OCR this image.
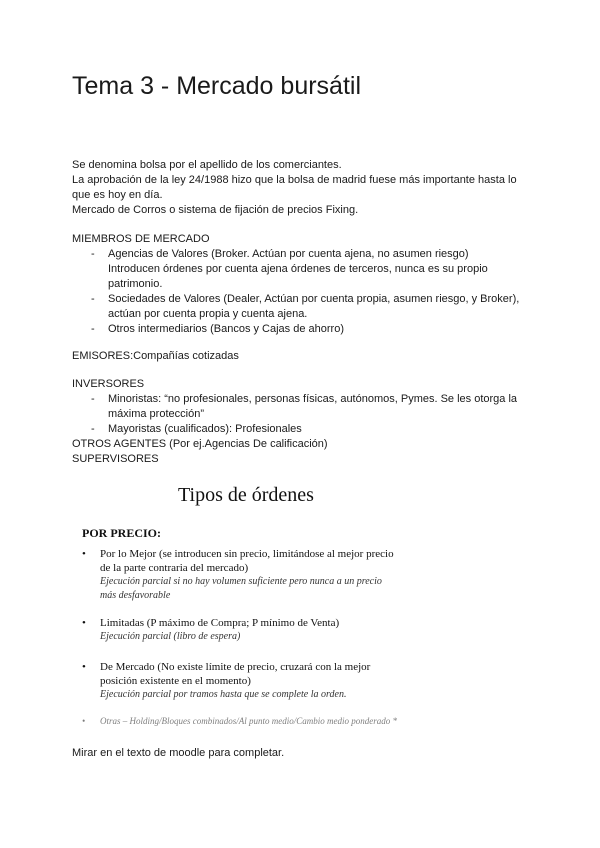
Tema 3 - Mercado bursátil

Se denomina bolsa por el apellido de los comerciantes.

La aprobación de la ley 24/1988 hizo que la bolsa de madrid fuese más importante hasta lo

que es hoy en día.

Mercado de Corros o sistema de fijación de precios Fixing.

MIEMBROS DE MERCADO

- Agencias de Valores (Broker. Actúan por cuenta ajena, no asumen riesgo)
Introducen órdenes por cuenta ajena órdenes de terceros, nunca es su propio
patrimonio.
- Sociedades de Valores (Dealer, Actúan por cuenta propia, asumen riesgo, y Broker),
actúan por cuenta propia y cuenta ajena.
- Otros intermediarios (Bancos y Cajas de ahorro)

EMISORES:Compañías cotizadas

INVERSORES

- Minoristas: “no profesionales, personas físicas, autónomos, Pymes. Se les otorga la
máxima protección”
- Mayoristas (cualificados): Profesionales

OTROS AGENTES (Por ej.Agencias De calificación)

SUPERVISORES

Tipos de órdenes
POR PRECIO:
•	Por lo Mejor (se introducen sin precio, limitándose al mejor precio
de la parte contraria del mercado)
Ejecución parcial si no hay volumen suficiente pero nunca a un precio
más desfavorable
•	Limitadas (P máximo de Compra; P mínimo de Venta)
Ejecución parcial (libro de espera)
•	De Mercado (No existe límite de precio, cruzará con la mejor
posición existente en el momento)
Ejecución parcial por tramos hasta que se complete la orden.
•	Otras – Holding/Bloques combinados/Al punto medio/Cambio medio ponderado *

Mirar en el texto de moodle para completar.
